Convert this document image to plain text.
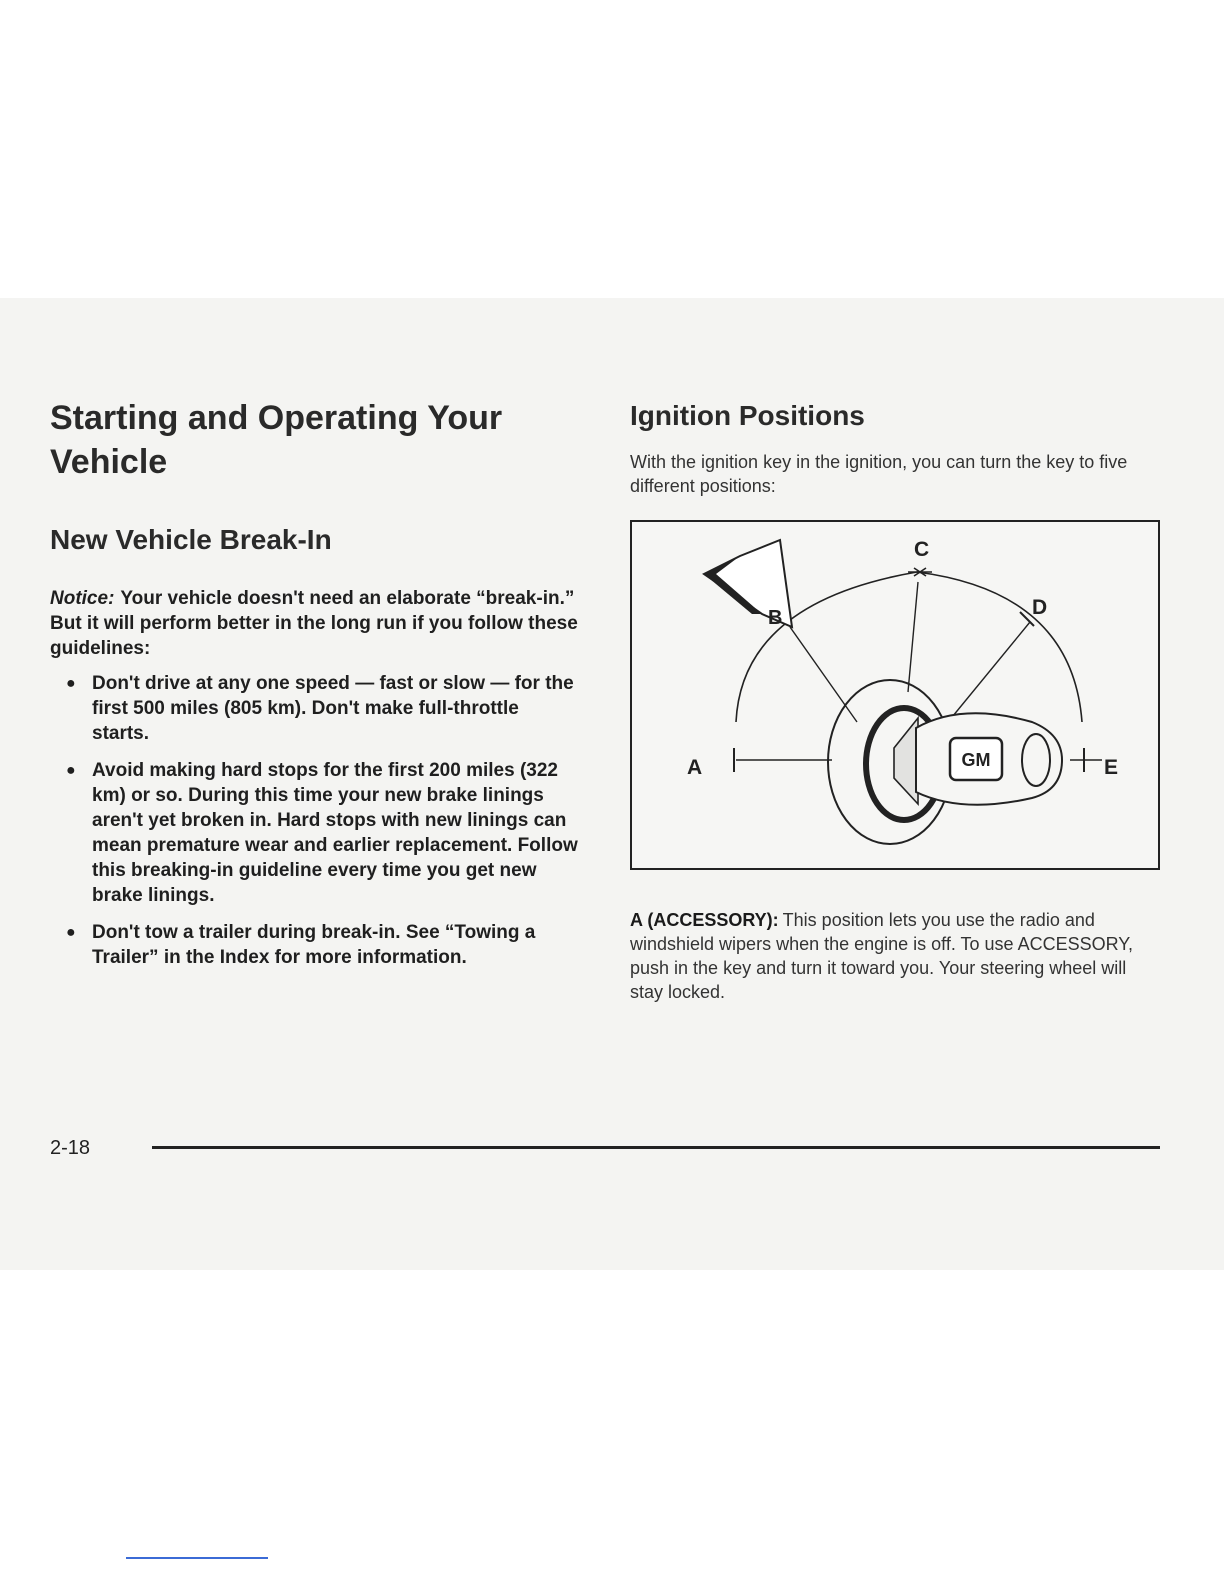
Starting and Operating Your Vehicle
New Vehicle Break-In

Notice: Your vehicle doesn't need an elaborate “break-in.” But it will perform better in the long run if you follow these guidelines:

● Don't drive at any one speed — fast or slow — for the first 500 miles (805 km). Don't make full-throttle starts.
● Avoid making hard stops for the first 200 miles (322 km) or so. During this time your new brake linings aren't yet broken in. Hard stops with new linings can mean premature wear and earlier replacement. Follow this breaking-in guideline every time you get new brake linings.
● Don't tow a trailer during break-in. See “Towing a Trailer” in the Index for more information.
Ignition Positions

With the ignition key in the ignition, you can turn the key to five different positions:

GM
A
B
C
D
E

A (ACCESSORY): This position lets you use the radio and windshield wipers when the engine is off. To use ACCESSORY, push in the key and turn it toward you. Your steering wheel will stay locked.

2-18
